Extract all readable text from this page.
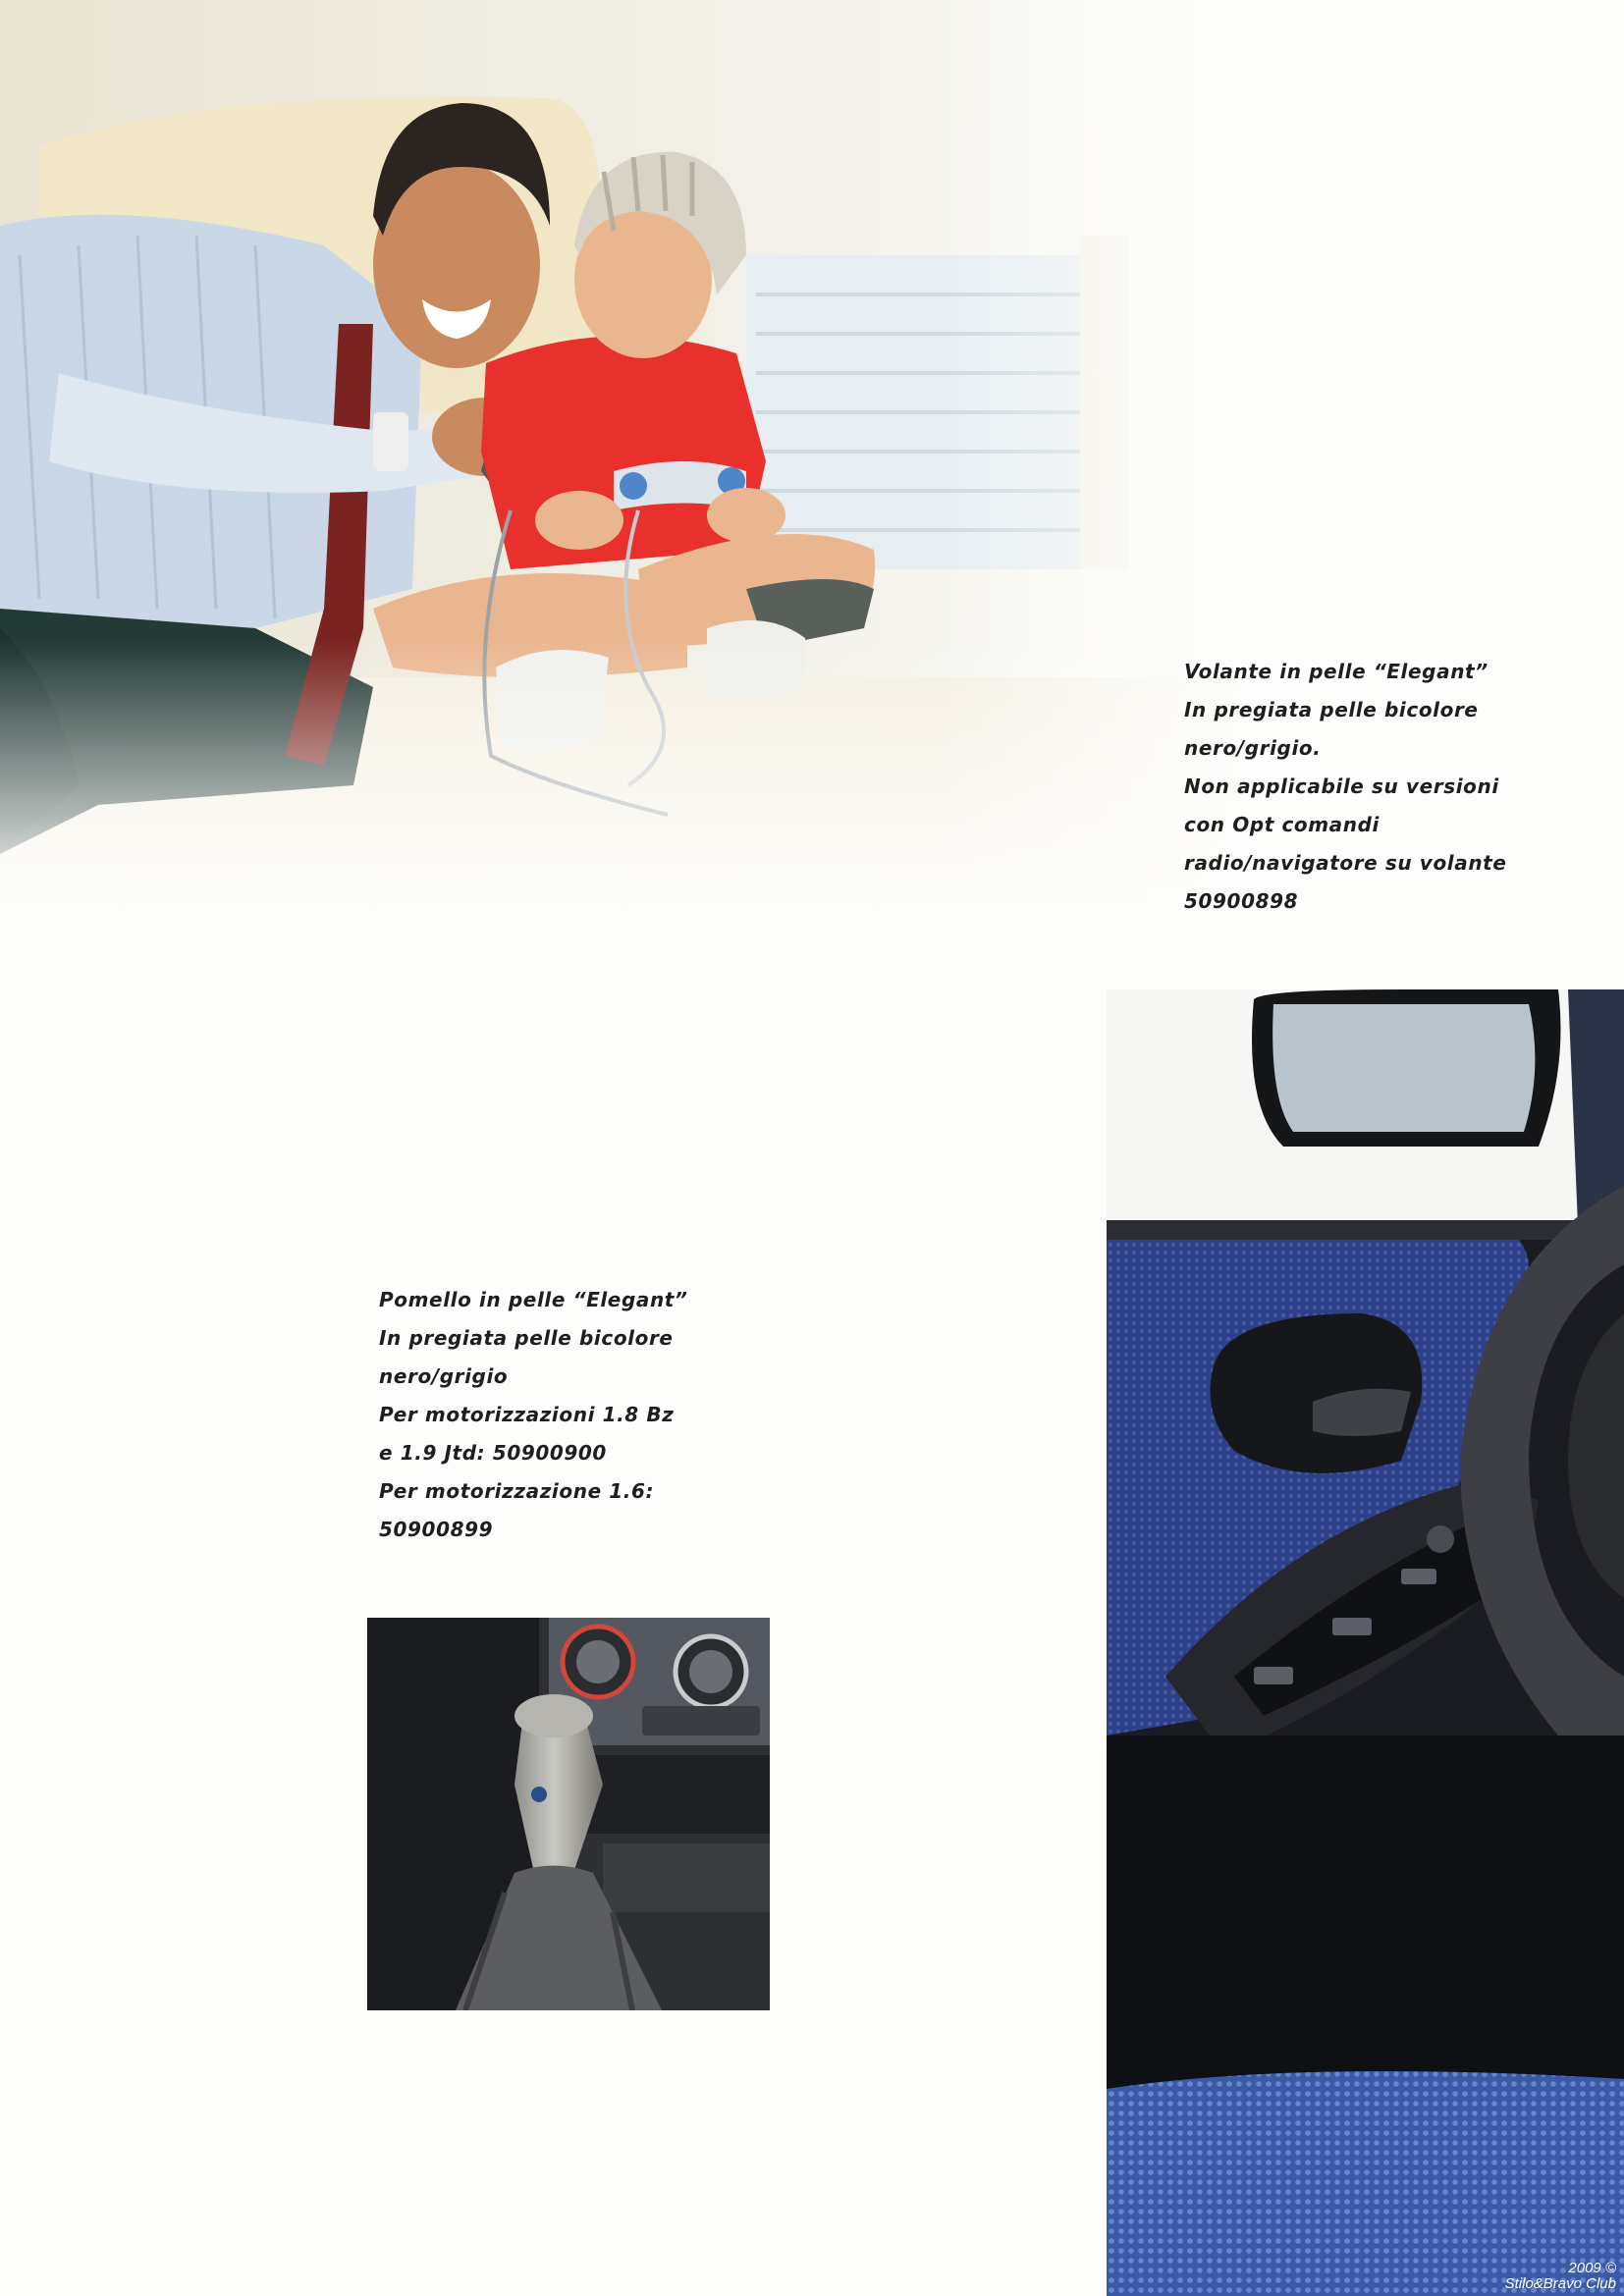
Volante in pelle “Elegant”
In pregiata pelle bicolore
nero/grigio.
Non applicabile su versioni
con Opt comandi
radio/navigatore su volante
50900898
Pomello in pelle “Elegant”
In pregiata pelle bicolore
nero/grigio
Per motorizzazioni 1.8 Bz
e 1.9 Jtd: 50900900
Per motorizzazione 1.6:
50900899
2009 ©
Stilo&Bravo Club
